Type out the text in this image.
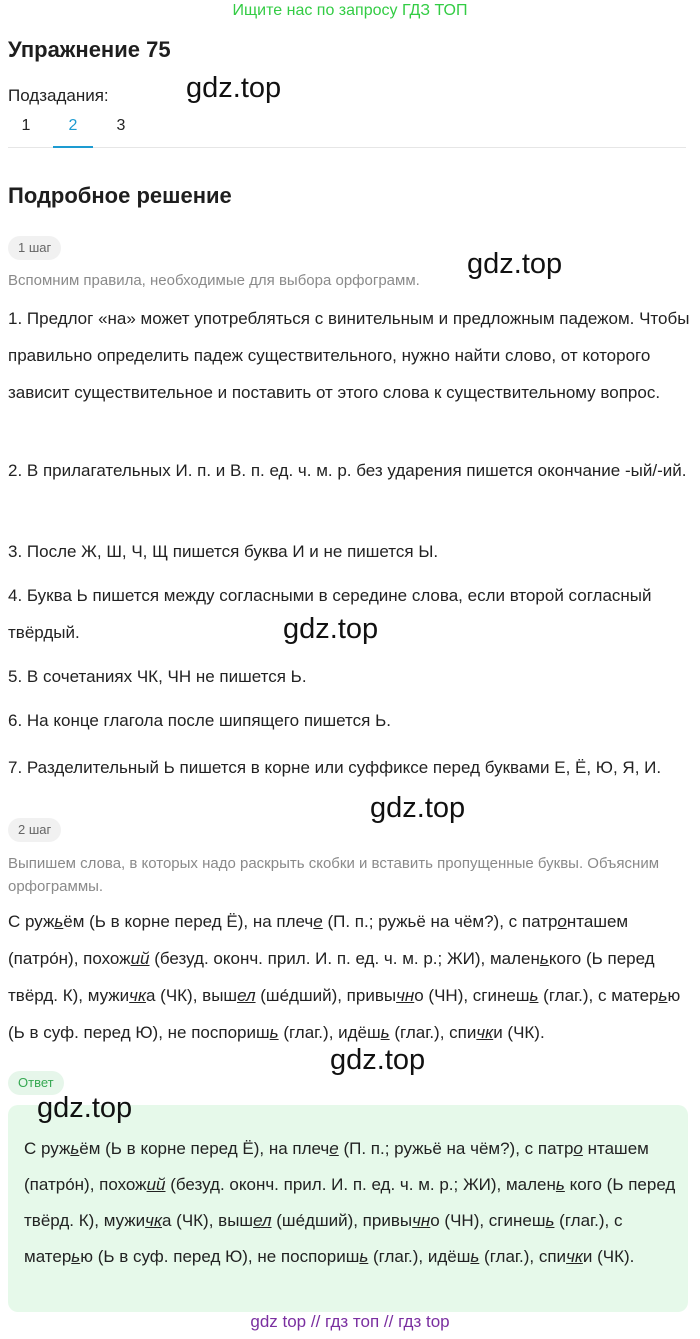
Ищите нас по запросу ГДЗ ТОП
Упражнение 75
Подзадания:	gdz.top
1	2	3
Подробное решение
1 шаг
Вспомним правила, необходимые для выбора орфограмм.
gdz.top
1. Предлог «на» может употребляться с винительным и предложным падежом. Чтобы правильно определить падеж существительного, нужно найти слово, от которого зависит существительное и поставить от этого слова к существительному вопрос.
2. В прилагательных И. п. и В. п. ед. ч. м. р. без ударения пишется окончание -ый/-ий.
3. После Ж, Ш, Ч, Щ пишется буква И и не пишется Ы.
4. Буква Ь пишется между согласными в середине слова, если второй согласный твёрдый.	gdz.top
5. В сочетаниях ЧК, ЧН не пишется Ь.
6. На конце глагола после шипящего пишется Ь.
7. Разделительный Ь пишется в корне или суффиксе перед буквами Е, Ё, Ю, Я, И.
gdz.top
2 шаг
Выпишем слова, в которых надо раскрыть скобки и вставить пропущенные буквы. Объясним орфограммы.
С ружьём (Ь в корне перед Ё), на плече (П. п.; ружьё на чём?), с патронташем (патро́н), похожий (безуд. оконч. прил. И. п. ед. ч. м. р.; ЖИ), маленького (Ь перед твёрд. К), мужичка (ЧК), вышел (ше́дший), привычно (ЧН), сгинешь (глаг.), с матерью (Ь в суф. перед Ю), не поспоришь (глаг.), идёшь (глаг.), спички (ЧК).
gdz.top
Ответ
gdz.top
С ружьём (Ь в корне перед Ё), на плече (П. п.; ружьё на чём?), с патро нташем (патро́н), похожий (безуд. оконч. прил. И. п. ед. ч. м. р.; ЖИ), малень кого (Ь перед твёрд. К), мужичка (ЧК), вышел (ше́дший), привычно (ЧН), сгинешь (глаг.), с матерью (Ь в суф. перед Ю), не поспоришь (глаг.), идёшь (глаг.), спички (ЧК).
gdz top // гдз топ // гдз top
